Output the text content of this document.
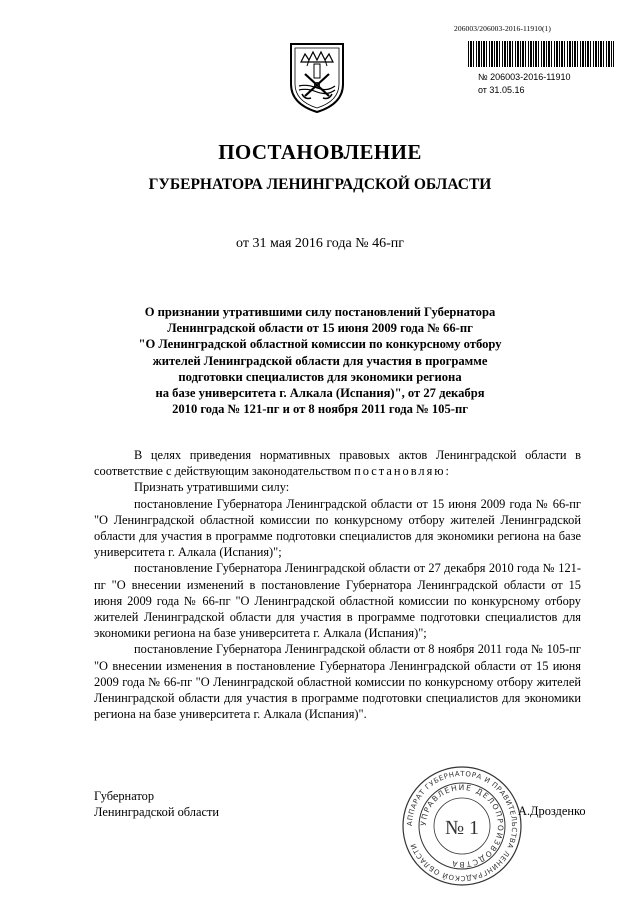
206003/206003-2016-11910(1)
№ 206003-2016-11910
от 31.05.16
ПОСТАНОВЛЕНИЕ
ГУБЕРНАТОРА ЛЕНИНГРАДСКОЙ ОБЛАСТИ
от 31 мая 2016 года № 46-пг
О признании утратившими силу постановлений Губернатора
Ленинградской области от 15 июня 2009 года № 66-пг
"О Ленинградской областной комиссии по конкурсному отбору
жителей Ленинградской области для участия в программе
подготовки специалистов для экономики региона
на базе университета г. Алкала (Испания)", от 27 декабря
2010 года № 121-пг и от 8 ноября 2011 года № 105-пг

В целях приведения нормативных правовых актов Ленинградской области в соответствие с действующим законодательством постановляю:

Признать утратившими силу:

постановление Губернатора Ленинградской области от 15 июня 2009 года № 66-пг "О Ленинградской областной комиссии по конкурсному отбору жителей Ленинградской области для участия в программе подготовки специалистов для экономики региона на базе университета г. Алкала (Испания)";

постановление Губернатора Ленинградской области от 27 декабря 2010 года № 121-пг "О внесении изменений в постановление Губернатора Ленинградской области от 15 июня 2009 года № 66-пг "О Ленинградской областной комиссии по конкурсному отбору жителей Ленинградской области для участия в программе подготовки специалистов для экономики региона на базе университета г. Алкала (Испания)";

постановление Губернатора Ленинградской области от 8 ноября 2011 года № 105-пг "О внесении изменения в постановление Губернатора Ленинградской области от 15 июня 2009 года № 66-пг "О Ленинградской областной комиссии по конкурсному отбору жителей Ленинградской области для участия в программе подготовки специалистов для экономики региона на базе университета г. Алкала (Испания)".

Губернатор
Ленинградской области
АППАРАТ ГУБЕРНАТОРА И ПРАВИТЕЛЬСТВА ЛЕНИНГРАДСКОЙ ОБЛАСТИ
УПРАВЛЕНИЕ ДЕЛОПРОИЗВОДСТВА
№ 1
А.Дрозденко
